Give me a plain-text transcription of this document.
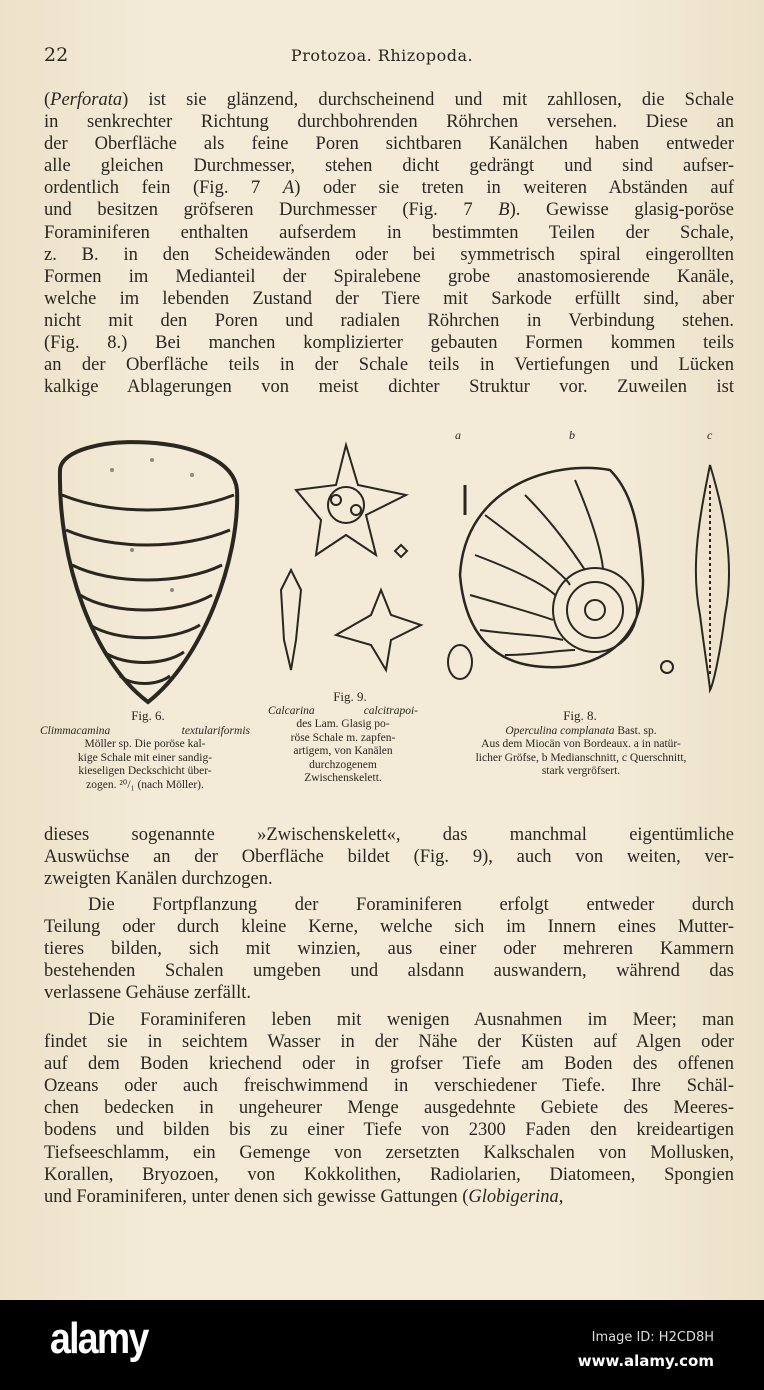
22	Protozoa. Rhizopoda.
(Perforata) ist sie glänzend, durchscheinend und mit zahllosen, die Schale
in senkrechter Richtung durchbohrenden Röhrchen versehen. Diese an
der Oberfläche als feine Poren sichtbaren Kanälchen haben entweder
alle gleichen Durchmesser, stehen dicht gedrängt und sind aufser-
ordentlich fein (Fig. 7 A) oder sie treten in weiteren Abständen auf
und besitzen gröfseren Durchmesser (Fig. 7 B). Gewisse glasig-poröse
Foraminiferen enthalten aufserdem in bestimmten Teilen der Schale,
z. B. in den Scheidewänden oder bei symmetrisch spiral eingerollten
Formen im Medianteil der Spiralebene grobe anastomosierende Kanäle,
welche im lebenden Zustand der Tiere mit Sarkode erfüllt sind, aber
nicht mit den Poren und radialen Röhrchen in Verbindung stehen.
(Fig. 8.) Bei manchen komplizierter gebauten Formen kommen teils
an der Oberfläche teils in der Schale teils in Vertiefungen und Lücken
kalkige Ablagerungen von meist dichter Struktur vor. Zuweilen ist
Fig. 6.
Climmacamina textulariformis
Möller sp. Die poröse kal-
kige Schale mit einer sandig-
kieseligen Deckschicht über-
zogen. ²⁰/₁ (nach Möller).
Fig. 9.
Calcarina calcitrapoi-
des Lam. Glasig po-
röse Schale m. zapfen-
artigem, von Kanälen
durchzogenem
Zwischenskelett.
a	b	c
Fig. 8.
Operculina complanata Bast. sp.
Aus dem Miocän von Bordeaux. a in natür-
licher Gröfse, b Medianschnitt, c Querschnitt,
stark vergröfsert.
dieses sogenannte »Zwischenskelett«, das manchmal eigentümliche
Auswüchse an der Oberfläche bildet (Fig. 9), auch von weiten, ver-
zweigten Kanälen durchzogen.
Die Fortpflanzung der Foraminiferen erfolgt entweder durch
Teilung oder durch kleine Kerne, welche sich im Innern eines Mutter-
tieres bilden, sich mit winzien, aus einer oder mehreren Kammern
bestehenden Schalen umgeben und alsdann auswandern, während das
verlassene Gehäuse zerfällt.
Die Foraminiferen leben mit wenigen Ausnahmen im Meer; man
findet sie in seichtem Wasser in der Nähe der Küsten auf Algen oder
auf dem Boden kriechend oder in grofser Tiefe am Boden des offenen
Ozeans oder auch freischwimmend in verschiedener Tiefe. Ihre Schäl-
chen bedecken in ungeheurer Menge ausgedehnte Gebiete des Meeres-
bodens und bilden bis zu einer Tiefe von 2300 Faden den kreideartigen
Tiefseeschlamm, ein Gemenge von zersetzten Kalkschalen von Mollusken,
Korallen, Bryozoen, von Kokkolithen, Radiolarien, Diatomeen, Spongien
und Foraminiferen, unter denen sich gewisse Gattungen (Globigerina,
alamy	Image ID: H2CD8H
www.alamy.com
